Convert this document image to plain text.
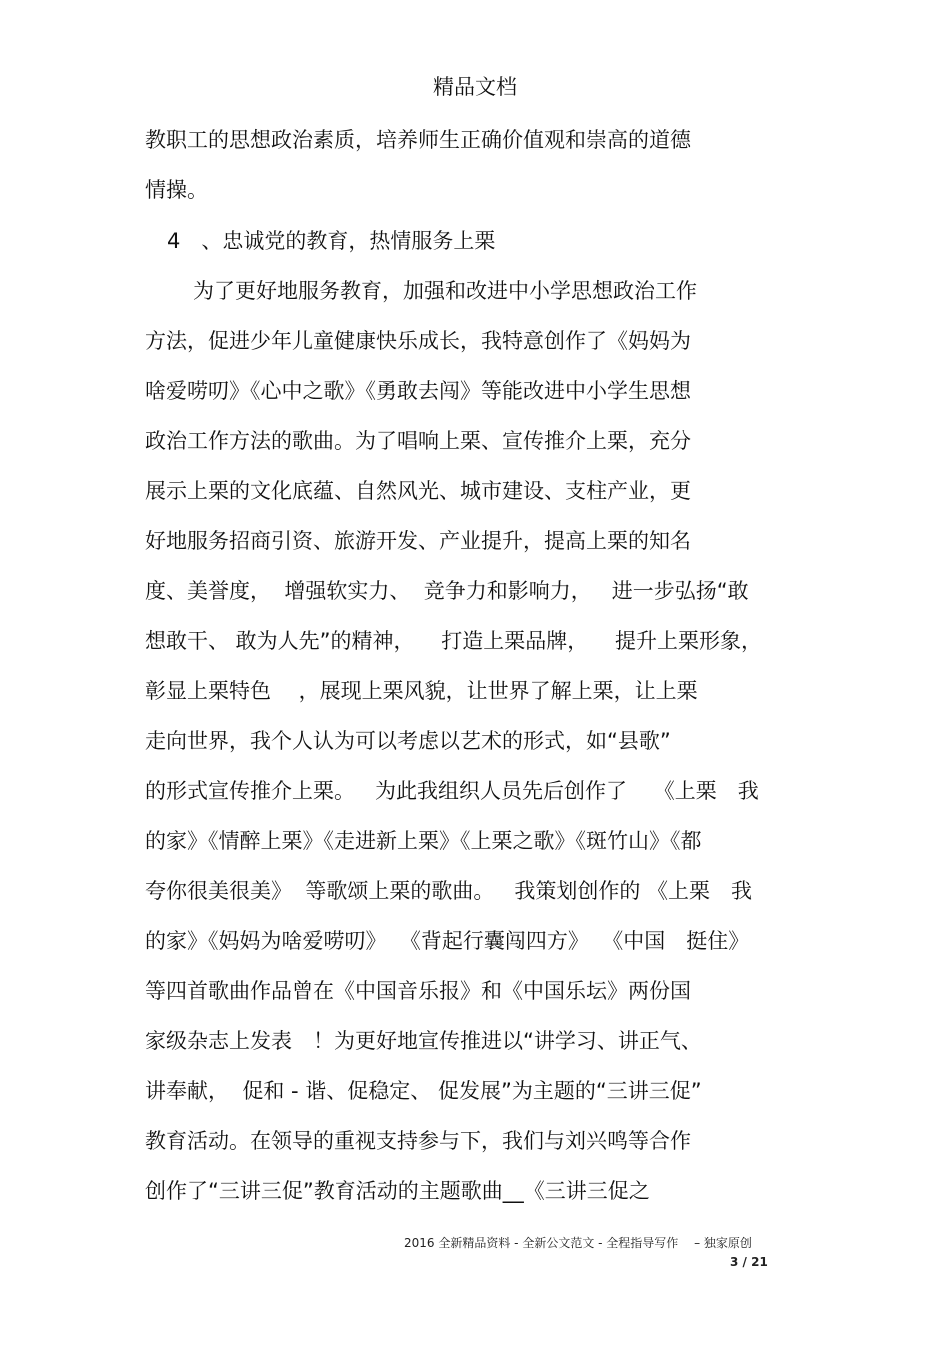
精品文档
教职工的思想政治素质，培养师生正确价值观和崇高的道德
情操。
4　、忠诚党的教育，热情服务上栗
为了更好地服务教育，加强和改进中小学思想政治工作
方法，促进少年儿童健康快乐成长，我特意创作了《妈妈为
啥爱唠叨》《心中之歌》《勇敢去闯》等能改进中小学生思想
政治工作方法的歌曲。为了唱响上栗、宣传推介上栗，充分
展示上栗的文化底蕴、自然风光、城市建设、支柱产业，更
好地服务招商引资、旅游开发、产业提升，提高上栗的知名
度、美誉度，  增强软实力、  竞争力和影响力，   进一步弘扬“敢
想敢干、 敢为人先”的精神，    打造上栗品牌，    提升上栗形象，
彰显上栗特色　 ，展现上栗风貌，让世界了解上栗，让上栗
走向世界，我个人认为可以考虑以艺术的形式，如“县歌”
的形式宣传推介上栗。   为此我组织人员先后创作了    《上栗　我
的家》《情醉上栗》《走进新上栗》《上栗之歌》《斑竹山》《都
夸你很美很美》  等歌颂上栗的歌曲。   我策划创作的 《上栗　我
的家》《妈妈为啥爱唠叨》  《背起行囊闯四方》  《中国　挺住》
等四首歌曲作品曾在《中国音乐报》和《中国乐坛》两份国
家级杂志上发表　！为更好地宣传推进以“讲学习、讲正气、
讲奉献，  促和 - 谐、促稳定、 促发展”为主题的“三讲三促”
教育活动。在领导的重视支持参与下，我们与刘兴鸣等合作
创作了“三讲三促”教育活动的主题歌曲__《三讲三促之
2016 全新精品资料 - 全新公文范文 - 全程指导写作　 – 独家原创
3 / 21
